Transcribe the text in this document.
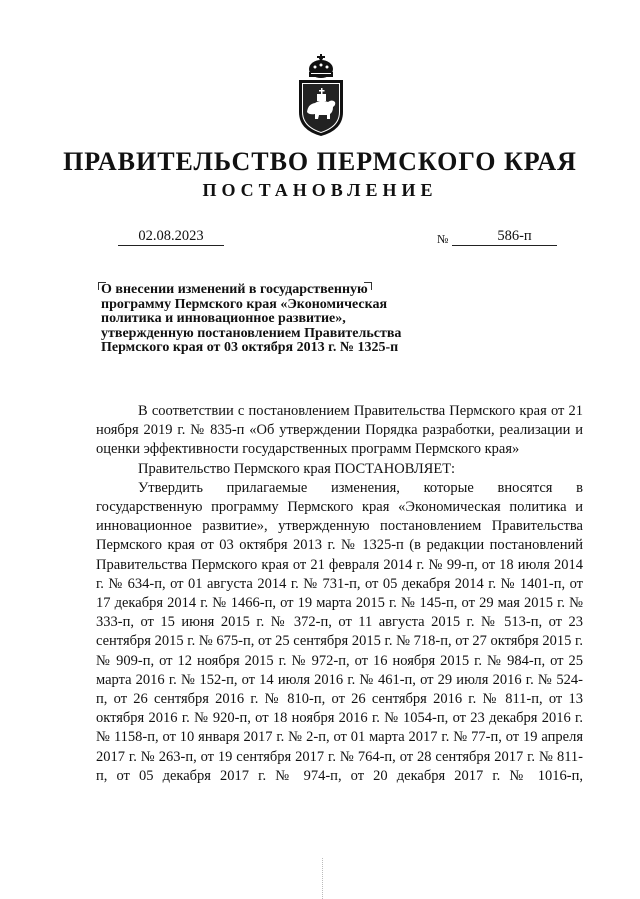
ПРАВИТЕЛЬСТВО ПЕРМСКОГО КРАЯ
ПОСТАНОВЛЕНИЕ
02.08.2023	№	586-п
О внесении изменений в государственную
программу Пермского края «Экономическая
политика и инновационное развитие»,
утвержденную постановлением Правительства
Пермского края от 03 октября 2013 г. № 1325-п

В соответствии с постановлением Правительства Пермского края от 21 ноября 2019 г. № 835-п «Об утверждении Порядка разработки, реализации и оценки эффективности государственных программ Пермского края»

Правительство Пермского края ПОСТАНОВЛЯЕТ:

Утвердить прилагаемые изменения, которые вносятся в государственную программу Пермского края «Экономическая политика и инновационное развитие», утвержденную постановлением Правительства Пермского края от 03 октября 2013 г. № 1325-п (в редакции постановлений Правительства Пермского края от 21 февраля 2014 г. № 99-п, от 18 июля 2014 г. № 634-п, от 01 августа 2014 г. № 731-п, от 05 декабря 2014 г. № 1401-п, от 17 декабря 2014 г. № 1466-п, от 19 марта 2015 г. № 145-п, от 29 мая 2015 г. № 333-п, от 15 июня 2015 г. № 372-п, от 11 августа 2015 г. № 513-п, от 23 сентября 2015 г. № 675-п, от 25 сентября 2015 г. № 718-п, от 27 октября 2015 г. № 909-п, от 12 ноября 2015 г. № 972-п, от 16 ноября 2015 г. № 984-п, от 25 марта 2016 г. № 152-п, от 14 июля 2016 г. № 461-п, от 29 июля 2016 г. № 524-п, от 26 сентября 2016 г. № 810-п, от 26 сентября 2016 г. № 811-п, от 13 октября 2016 г. № 920-п, от 18 ноября 2016 г. № 1054-п, от 23 декабря 2016 г. № 1158-п, от 10 января 2017 г. № 2-п, от 01 марта 2017 г. № 77-п, от 19 апреля 2017 г. № 263-п, от 19 сентября 2017 г. № 764-п, от 28 сентября 2017 г. № 811-п, от 05 декабря 2017 г. № 974-п, от 20 декабря 2017 г. № 1016-п,
